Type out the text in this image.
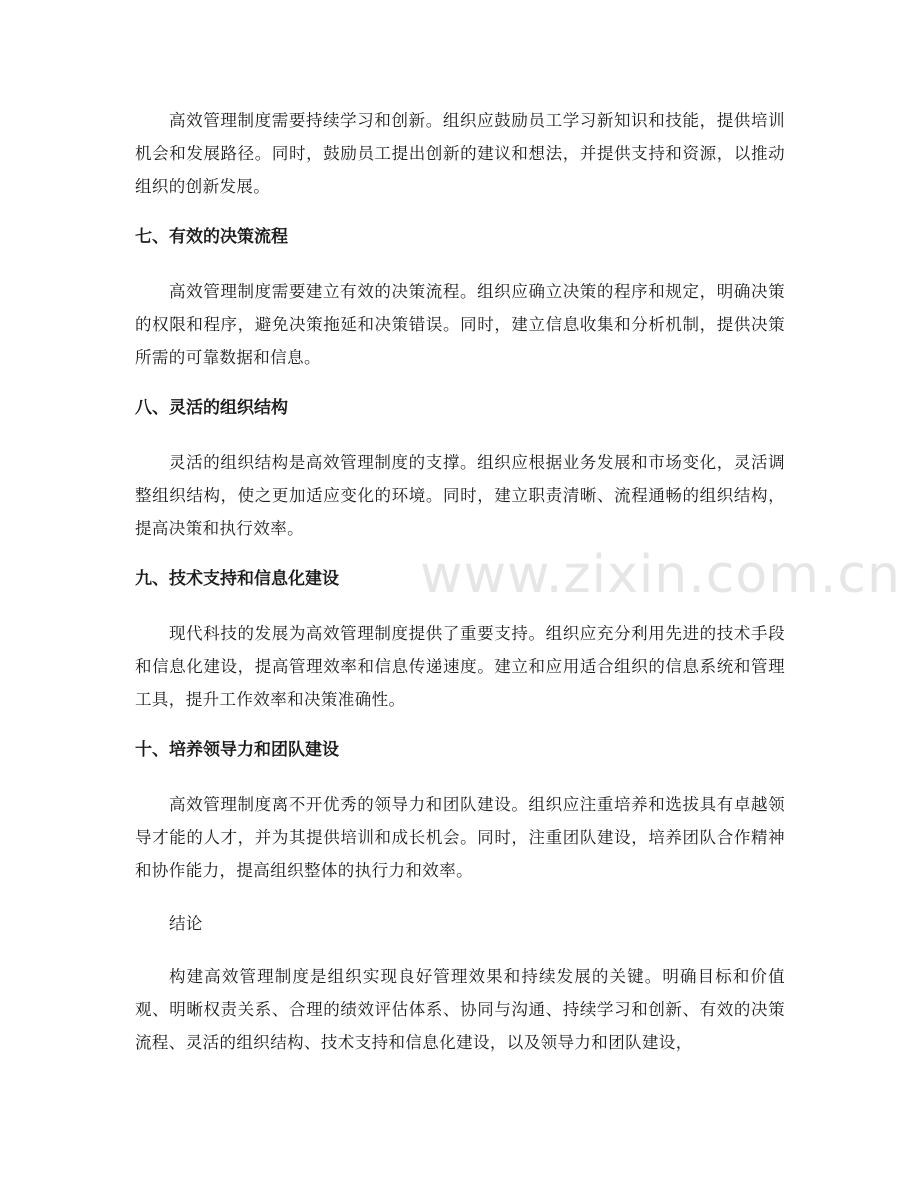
www.zixin.com.cn

高效管理制度需要持续学习和创新。组织应鼓励员工学习新知识和技能，提供培训机会和发展路径。同时，鼓励员工提出创新的建议和想法，并提供支持和资源，以推动组织的创新发展。

七、有效的决策流程

高效管理制度需要建立有效的决策流程。组织应确立决策的程序和规定，明确决策的权限和程序，避免决策拖延和决策错误。同时，建立信息收集和分析机制，提供决策所需的可靠数据和信息。

八、灵活的组织结构

灵活的组织结构是高效管理制度的支撑。组织应根据业务发展和市场变化，灵活调整组织结构，使之更加适应变化的环境。同时，建立职责清晰、流程通畅的组织结构，提高决策和执行效率。

九、技术支持和信息化建设

现代科技的发展为高效管理制度提供了重要支持。组织应充分利用先进的技术手段和信息化建设，提高管理效率和信息传递速度。建立和应用适合组织的信息系统和管理工具，提升工作效率和决策准确性。

十、培养领导力和团队建设

高效管理制度离不开优秀的领导力和团队建设。组织应注重培养和选拔具有卓越领导才能的人才，并为其提供培训和成长机会。同时，注重团队建设，培养团队合作精神和协作能力，提高组织整体的执行力和效率。

结论

构建高效管理制度是组织实现良好管理效果和持续发展的关键。明确目标和价值观、明晰权责关系、合理的绩效评估体系、协同与沟通、持续学习和创新、有效的决策流程、灵活的组织结构、技术支持和信息化建设，以及领导力和团队建设，
